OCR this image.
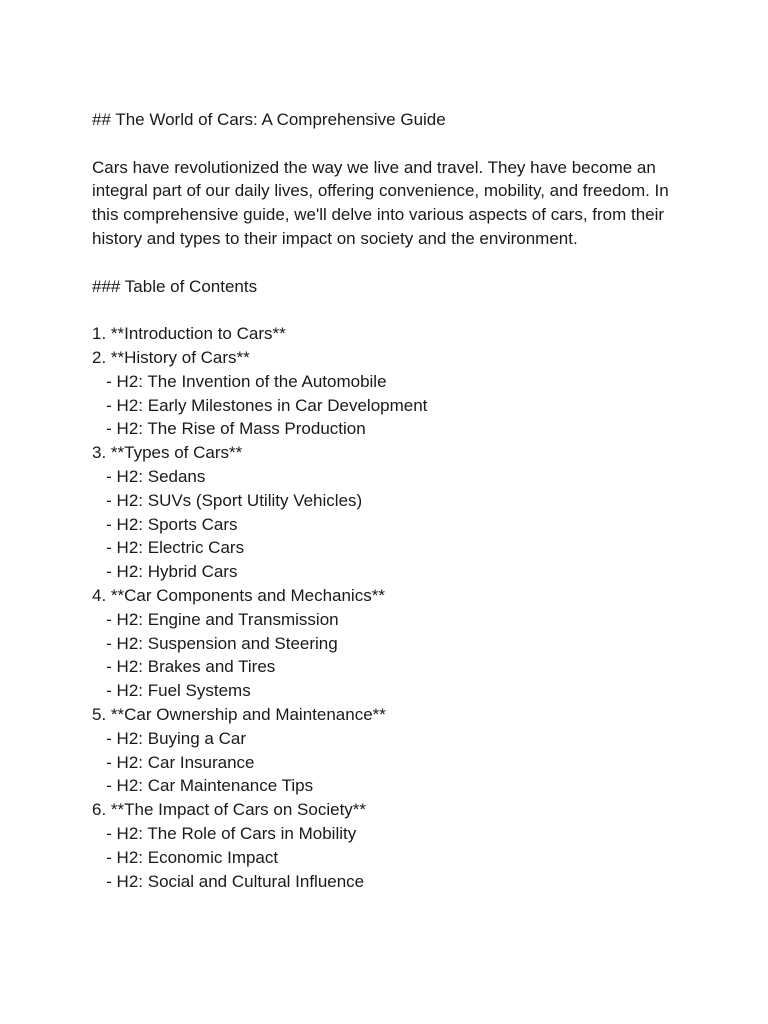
## The World of Cars: A Comprehensive Guide

Cars have revolutionized the way we live and travel. They have become an integral part of our daily lives, offering convenience, mobility, and freedom. In this comprehensive guide, we'll delve into various aspects of cars, from their history and types to their impact on society and the environment.

### Table of Contents

1. **Introduction to Cars**
2. **History of Cars**
- H2: The Invention of the Automobile
- H2: Early Milestones in Car Development
- H2: The Rise of Mass Production
3. **Types of Cars**
- H2: Sedans
- H2: SUVs (Sport Utility Vehicles)
- H2: Sports Cars
- H2: Electric Cars
- H2: Hybrid Cars
4. **Car Components and Mechanics**
- H2: Engine and Transmission
- H2: Suspension and Steering
- H2: Brakes and Tires
- H2: Fuel Systems
5. **Car Ownership and Maintenance**
- H2: Buying a Car
- H2: Car Insurance
- H2: Car Maintenance Tips
6. **The Impact of Cars on Society**
- H2: The Role of Cars in Mobility
- H2: Economic Impact
- H2: Social and Cultural Influence
